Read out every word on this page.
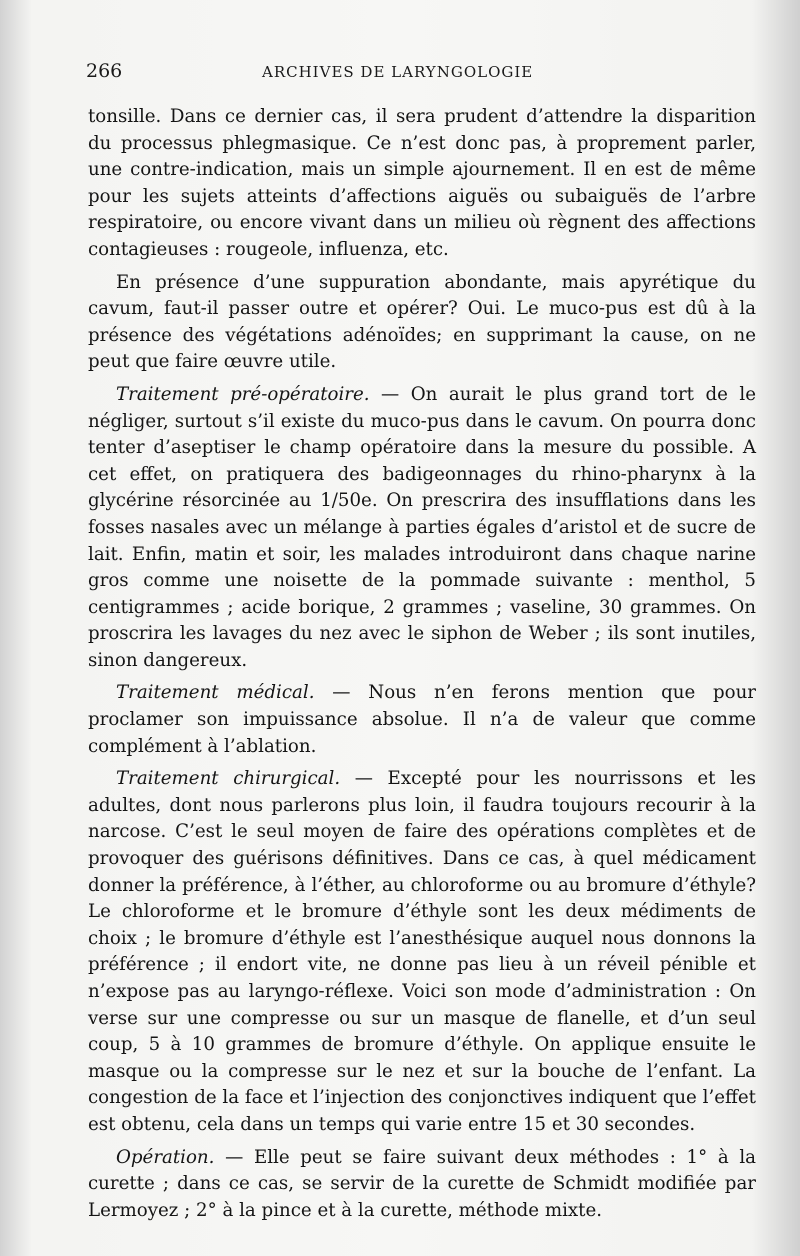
266	ARCHIVES DE LARYNGOLOGIE

tonsille. Dans ce dernier cas, il sera prudent d’attendre la disparition du processus phlegmasique. Ce n’est donc pas, à proprement parler, une contre-indication, mais un simple ajournement. Il en est de même pour les sujets atteints d’affections aiguës ou subaiguës de l’arbre respiratoire, ou encore vivant dans un milieu où règnent des affections contagieuses : rougeole, influenza, etc.

En présence d’une suppuration abondante, mais apyrétique du cavum, faut-il passer outre et opérer? Oui. Le muco-pus est dû à la présence des végétations adénoïdes; en supprimant la cause, on ne peut que faire œuvre utile.

Traitement pré-opératoire. — On aurait le plus grand tort de le négliger, surtout s’il existe du muco-pus dans le cavum. On pourra donc tenter d’aseptiser le champ opératoire dans la mesure du possible. A cet effet, on pratiquera des badigeonnages du rhino-pharynx à la glycérine résorcinée au 1/50e. On prescrira des insufflations dans les fosses nasales avec un mélange à parties égales d’aristol et de sucre de lait. Enfin, matin et soir, les malades introduiront dans chaque narine gros comme une noisette de la pommade suivante : menthol, 5 centigrammes ; acide borique, 2 grammes ; vaseline, 30 grammes. On proscrira les lavages du nez avec le siphon de Weber ; ils sont inutiles, sinon dangereux.

Traitement médical. — Nous n’en ferons mention que pour proclamer son impuissance absolue. Il n’a de valeur que comme complément à l’ablation.

Traitement chirurgical. — Excepté pour les nourrissons et les adultes, dont nous parlerons plus loin, il faudra toujours recourir à la narcose. C’est le seul moyen de faire des opérations complètes et de provoquer des guérisons définitives. Dans ce cas, à quel médicament donner la préférence, à l’éther, au chloroforme ou au bromure d’éthyle? Le chloroforme et le bromure d’éthyle sont les deux médiments de choix ; le bromure d’éthyle est l’anesthésique auquel nous donnons la préférence ; il endort vite, ne donne pas lieu à un réveil pénible et n’expose pas au laryngo-réflexe. Voici son mode d’administration : On verse sur une compresse ou sur un masque de flanelle, et d’un seul coup, 5 à 10 grammes de bromure d’éthyle. On applique ensuite le masque ou la compresse sur le nez et sur la bouche de l’enfant. La congestion de la face et l’injection des conjonctives indiquent que l’effet est obtenu, cela dans un temps qui varie entre 15 et 30 secondes.

Opération. — Elle peut se faire suivant deux méthodes : 1° à la curette ; dans ce cas, se servir de la curette de Schmidt modifiée par Lermoyez ; 2° à la pince et à la curette, méthode mixte.
